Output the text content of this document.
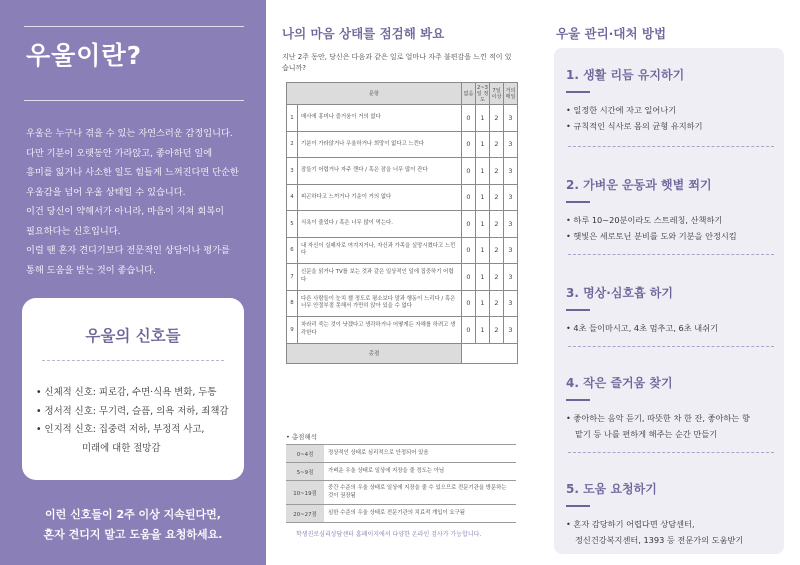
우울이란?

우울은 누구나 겪을 수 있는 자연스러운 감정입니다.

다만 기분이 오랫동안 가라앉고, 좋아하던 일에

흥미를 잃거나 사소한 일도 힘들게 느껴진다면 단순한

우울감을 넘어 우울 상태일 수 있습니다.

이건 당신이 약해서가 아니라, 마음이 지쳐 회복이

필요하다는 신호입니다.

이럴 땐 혼자 견디기보다 전문적인 상담이나 평가를

통해 도움을 받는 것이 좋습니다.

우울의 신호들
• 신체적 신호: 피로감, 수면·식욕 변화, 두통
• 정서적 신호: 무기력, 슬픔, 의욕 저하, 죄책감
• 인지적 신호: 집중력 저하, 부정적 사고,
미래에 대한 절망감
이런 신호들이 2주 이상 지속된다면,
혼자 견디지 말고 도움을 요청하세요.
나의 마음 상태를 점검해 봐요
지난 2주 동안, 당신은 다음과 같은 일로 얼마나 자주 불편감을 느낀 적이 있습니까?
문항		없음	2~3일 정도	7일 이상	거의 매일
1	매사에 흥미나 즐거움이 거의 없다	0	1	2	3
2	기분이 가라앉거나 우울하거나 희망이 없다고 느낀다	0	1	2	3
3	잠들기 어렵거나 자주 깬다 / 혹은 잠을 너무 많이 잔다	0	1	2	3
4	피곤하다고 느끼거나 기운이 거의 없다	0	1	2	3
5	식욕이 줄었다 / 혹은 너무 많이 먹는다.	0	1	2	3
6	내 자신이 실패자로 여겨지거나, 자신과 가족을 실망시켰다고 느낀다	0	1	2	3
7	신문을 읽거나 TV를 보는 것과 같은 일상적인 일에 집중하기 어렵다	0	1	2	3
8	다른 사람들이 눈치 챌 정도로 평소보다 말과 행동이 느리다 / 혹은 너무 안절부절 못해서 가만히 앉아 있을 수 없다	0	1	2	3
9	차라리 죽는 것이 낫겠다고 생각하거나 어떻게든 자해를 하려고 생각한다	0	1	2	3
총점					
• 총점해석
0~4점	정상적인 상태로 심리적으로 안정되어 있음
5~9점	가벼운 우울 상태로 일상에 지장을 줄 정도는 아님
10~19점	중간 수준의 우울 상태로 일상에 지장을 줄 수 있으므로 전문기관을 방문하는 것이 권장됨
20~27점	심한 수준의 우울 상태로 전문기관의 치료적 개입이 요구됨
학생진로심리상담센터 홈페이지에서 다양한 온라인 검사가 가능합니다.
우울 관리·대처 방법
1. 생활 리듬 유지하기
• 일정한 시간에 자고 일어나기
• 규칙적인 식사로 몸의 균형 유지하기
2. 가벼운 운동과 햇볕 쬐기
• 하루 10~20분이라도 스트레칭, 산책하기
• 햇빛은 세로토닌 분비를 도와 기분을 안정시킴
3. 명상·심호흡 하기
• 4초 들이마시고, 4초 멈추고, 6초 내쉬기
4. 작은 즐거움 찾기
• 좋아하는 음악 듣기, 따뜻한 차 한 잔, 좋아하는 향
맡기 등 나를 편하게 해주는 순간 만들기
5. 도움 요청하기
• 혼자 감당하기 어렵다면 상담센터,
정신건강복지센터, 1393 등 전문가의 도움받기
